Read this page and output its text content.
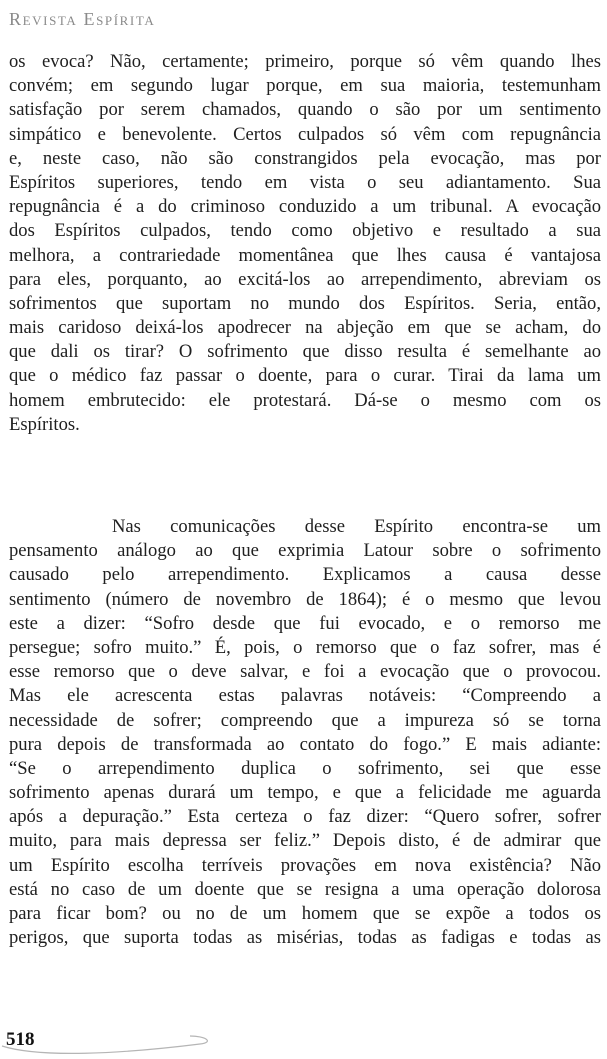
Revista Espírita
os evoca? Não, certamente; primeiro, porque só vêm quando lhes
convém; em segundo lugar porque, em sua maioria, testemunham
satisfação por serem chamados, quando o são por um sentimento
simpático e benevolente. Certos culpados só vêm com repugnância
e, neste caso, não são constrangidos pela evocação, mas por
Espíritos superiores, tendo em vista o seu adiantamento. Sua
repugnância é a do criminoso conduzido a um tribunal. A evocação
dos Espíritos culpados, tendo como objetivo e resultado a sua
melhora, a contrariedade momentânea que lhes causa é vantajosa
para eles, porquanto, ao excitá-los ao arrependimento, abreviam os
sofrimentos que suportam no mundo dos Espíritos. Seria, então,
mais caridoso deixá-los apodrecer na abjeção em que se acham, do
que dali os tirar? O sofrimento que disso resulta é semelhante ao
que o médico faz passar o doente, para o curar. Tirai da lama um
homem embrutecido: ele protestará. Dá-se o mesmo com os
Espíritos.
Nas comunicações desse Espírito encontra-se um
pensamento análogo ao que exprimia Latour sobre o sofrimento
causado pelo arrependimento. Explicamos a causa desse
sentimento (número de novembro de 1864); é o mesmo que levou
este a dizer: “Sofro desde que fui evocado, e o remorso me
persegue; sofro muito.” É, pois, o remorso que o faz sofrer, mas é
esse remorso que o deve salvar, e foi a evocação que o provocou.
Mas ele acrescenta estas palavras notáveis: “Compreendo a
necessidade de sofrer; compreendo que a impureza só se torna
pura depois de transformada ao contato do fogo.” E mais adiante:
“Se o arrependimento duplica o sofrimento, sei que esse
sofrimento apenas durará um tempo, e que a felicidade me aguarda
após a depuração.” Esta certeza o faz dizer: “Quero sofrer, sofrer
muito, para mais depressa ser feliz.” Depois disto, é de admirar que
um Espírito escolha terríveis provações em nova existência? Não
está no caso de um doente que se resigna a uma operação dolorosa
para ficar bom? ou no de um homem que se expõe a todos os
perigos, que suporta todas as misérias, todas as fadigas e todas as
518
